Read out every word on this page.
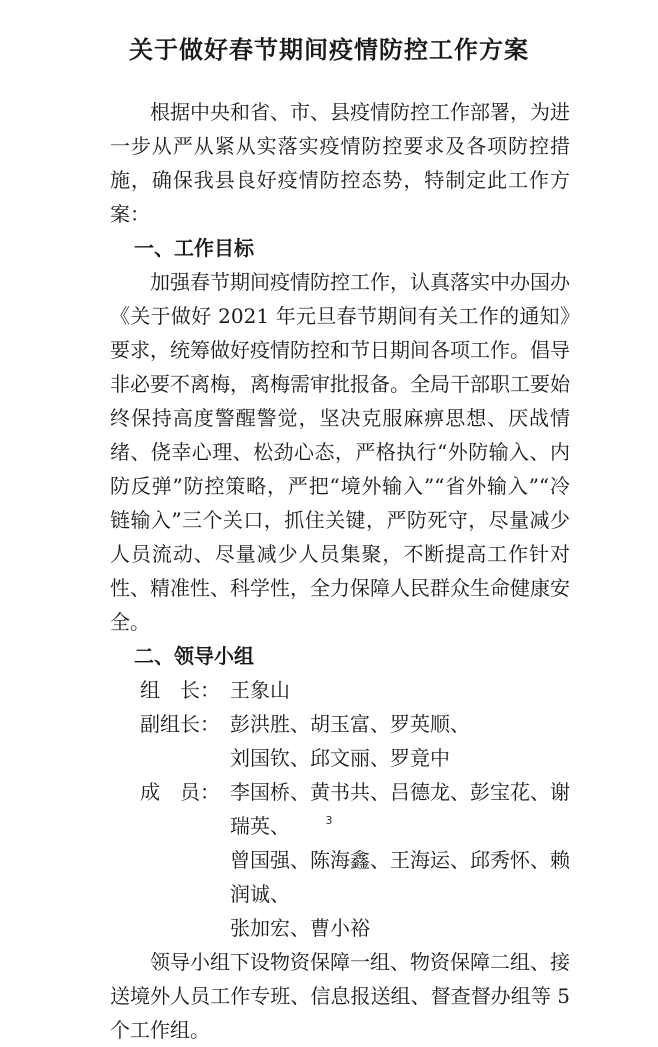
关于做好春节期间疫情防控工作方案

根据中央和省、市、县疫情防控工作部署，为进一步从严从紧从实落实疫情防控要求及各项防控措施，确保我县良好疫情防控态势，特制定此工作方案：

一、工作目标

加强春节期间疫情防控工作，认真落实中办国办《关于做好 2021 年元旦春节期间有关工作的通知》要求，统筹做好疫情防控和节日期间各项工作。倡导非必要不离梅，离梅需审批报备。全局干部职工要始终保持高度警醒警觉，坚决克服麻痹思想、厌战情绪、侥幸心理、松劲心态，严格执行“外防输入、内防反弹”防控策略，严把“境外输入”“省外输入”“冷链输入”三个关口，抓住关键，严防死守，尽量减少人员流动、尽量减少人员集聚，不断提高工作针对性、精准性、科学性，全力保障人民群众生命健康安全。

二、领导小组

组　长： 王象山
副组长： 彭洪胜、胡玉富、罗英顺、
刘国钦、邱文丽、罗竟中
成　员： 李国桥、黄书共、吕德龙、彭宝花、谢瑞英、
曾国强、陈海鑫、王海运、邱秀怀、赖润诚、
张加宏、曹小裕

领导小组下设物资保障一组、物资保障二组、接送境外人员工作专班、信息报送组、督查督办组等 5 个工作组。

3
